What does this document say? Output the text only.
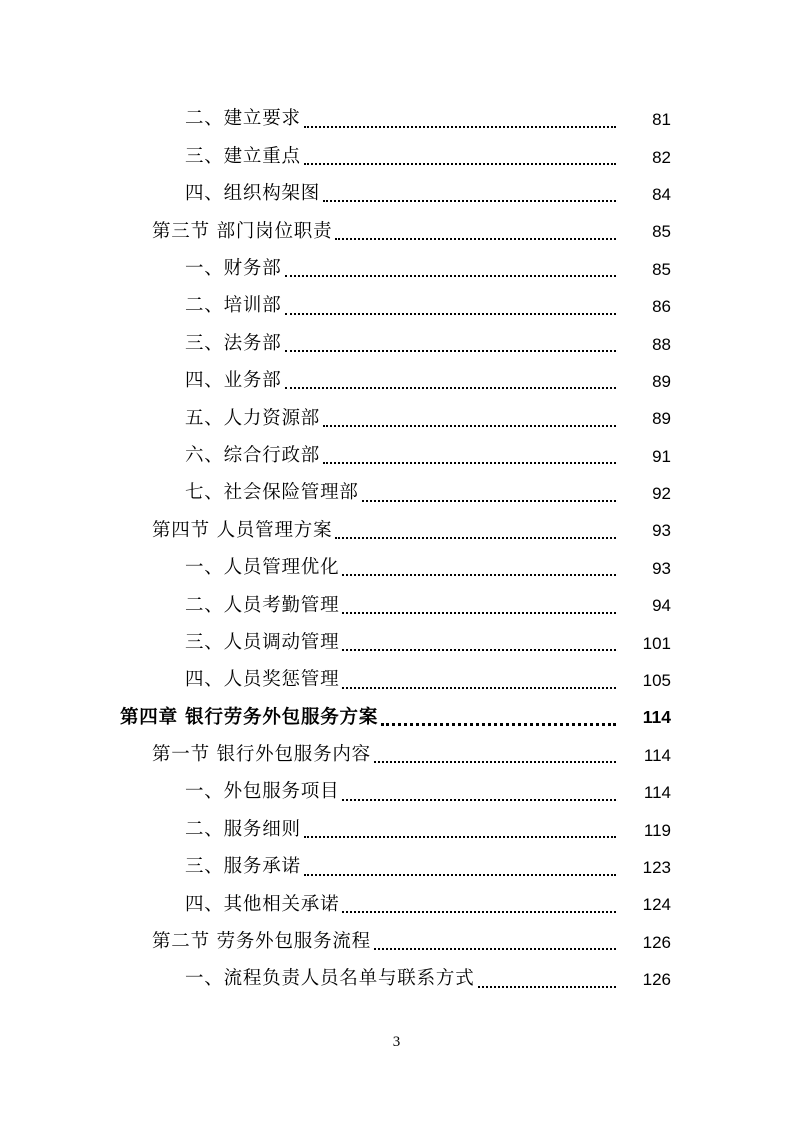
二、建立要求	81
三、建立重点	82
四、组织构架图	84
第三节 部门岗位职责	85
一、财务部	85
二、培训部	86
三、法务部	88
四、业务部	89
五、人力资源部	89
六、综合行政部	91
七、社会保险管理部	92
第四节 人员管理方案	93
一、人员管理优化	93
二、人员考勤管理	94
三、人员调动管理	101
四、人员奖惩管理	105
第四章 银行劳务外包服务方案	114
第一节 银行外包服务内容	114
一、外包服务项目	114
二、服务细则	119
三、服务承诺	123
四、其他相关承诺	124
第二节 劳务外包服务流程	126
一、流程负责人员名单与联系方式	126
3
